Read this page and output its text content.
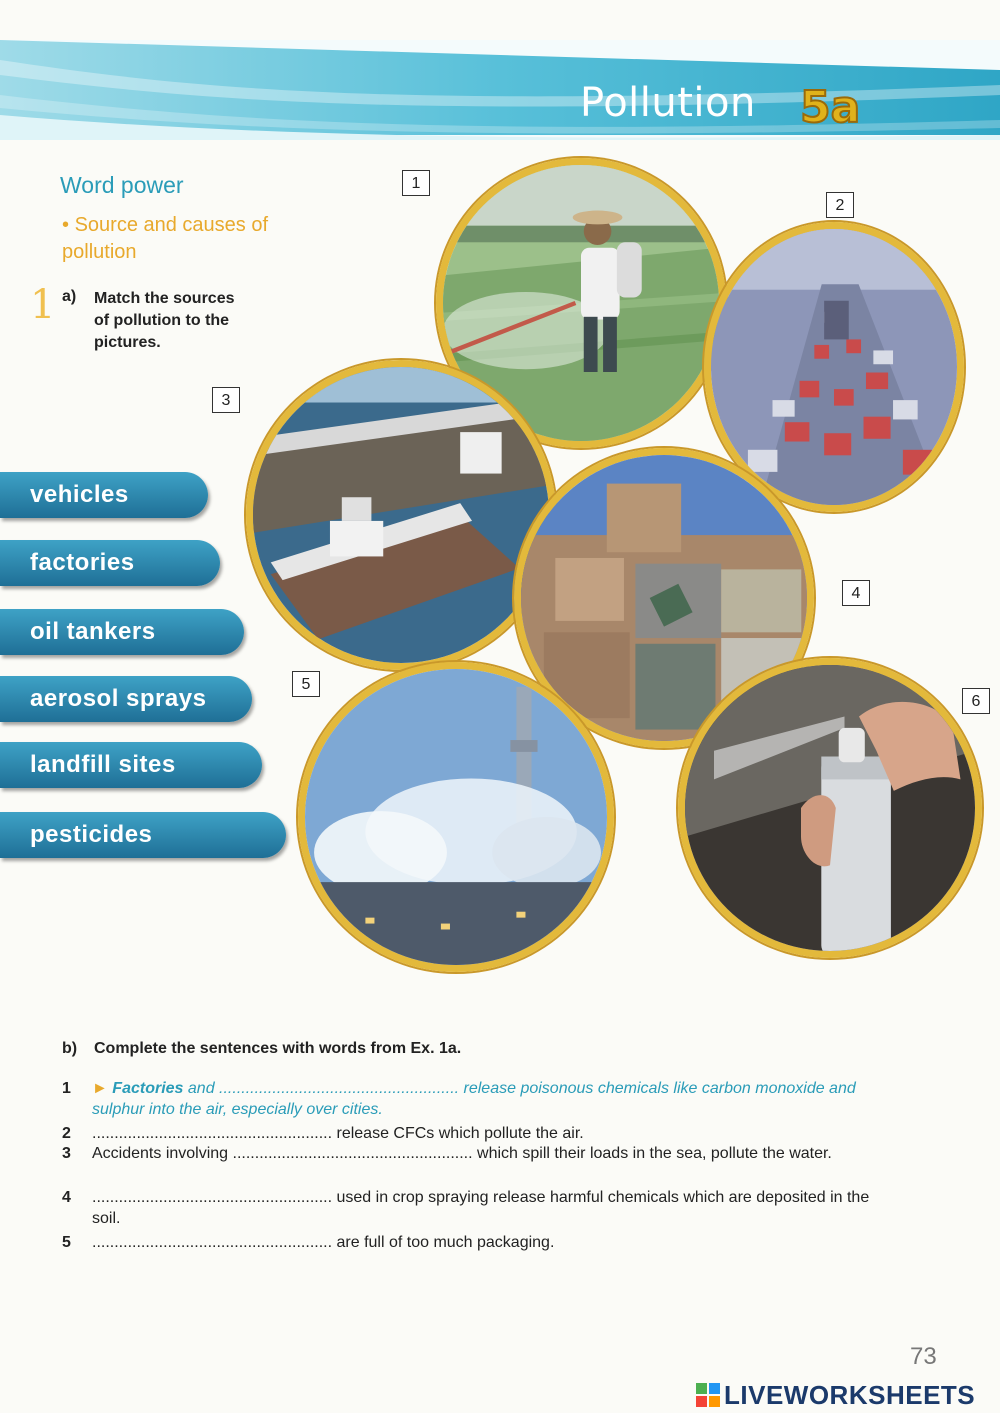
Pollution 5a
Word power
• Source and causes of pollution
1 a) Match the sources of pollution to the pictures.
vehicles
factories
oil tankers
aerosol sprays
landfill sites
pesticides
1
2
3
4
5
6
b) Complete the sentences with words from Ex. 1a.
1	► Factories and ...................................................... release poisonous chemicals like carbon monoxide and sulphur into the air, especially over cities.
2	...................................................... release CFCs which pollute the air.
3	Accidents involving ...................................................... which spill their loads in the sea, pollute the water.
4	...................................................... used in crop spraying release harmful chemicals which are deposited in the soil.
5	...................................................... are full of too much packaging.
73
LIVEWORKSHEETS
